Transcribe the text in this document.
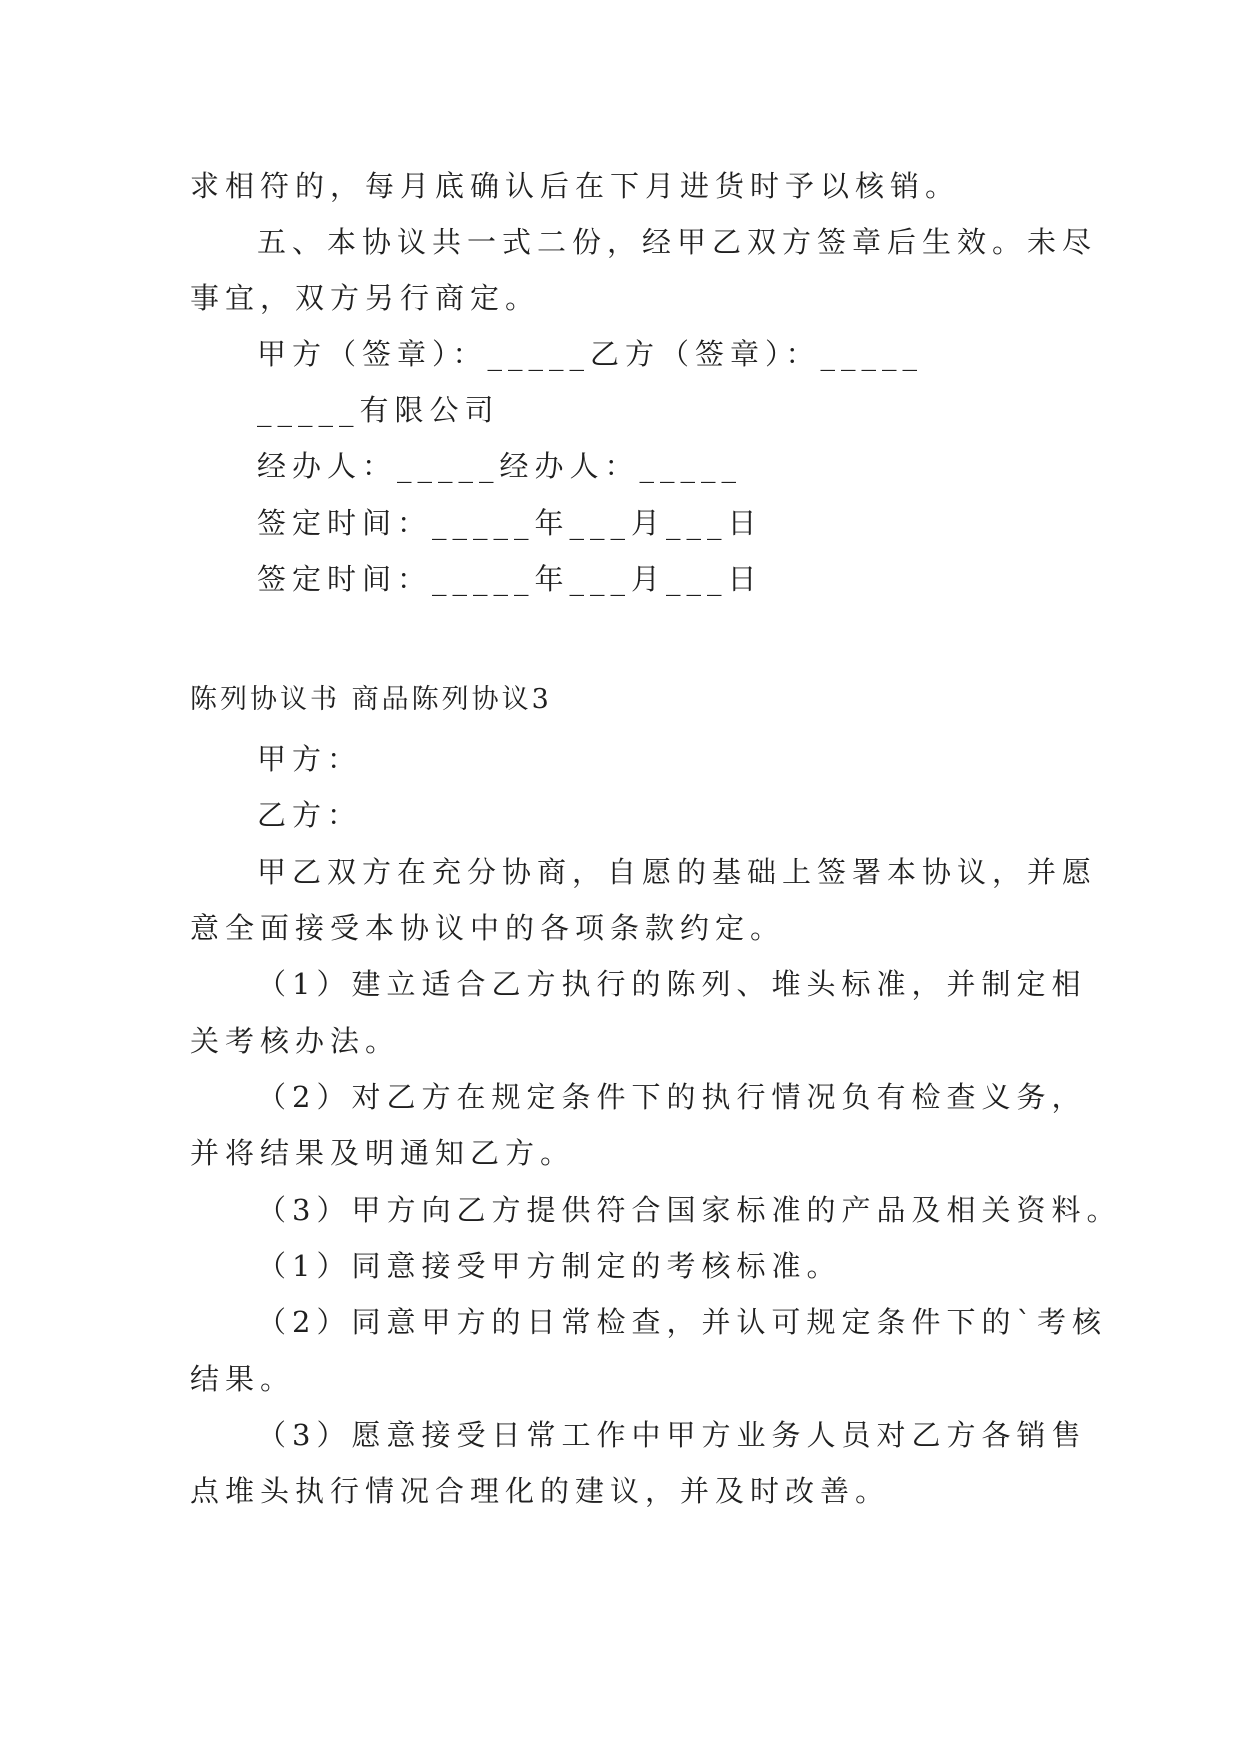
求相符的，每月底确认后在下月进货时予以核销。
五、本协议共一式二份，经甲乙双方签章后生效。未尽
事宜，双方另行商定。
甲方（签章）：_____乙方（签章）：_____
_____有限公司
经办人：_____经办人：_____
签定时间：_____年___月___日
签定时间：_____年___月___日
陈列协议书 商品陈列协议3
甲方：
乙方：
甲乙双方在充分协商，自愿的基础上签署本协议，并愿
意全面接受本协议中的各项条款约定。
（1）建立适合乙方执行的陈列、堆头标准，并制定相
关考核办法。
（2）对乙方在规定条件下的执行情况负有检查义务，
并将结果及明通知乙方。
（3）甲方向乙方提供符合国家标准的产品及相关资料。
（1）同意接受甲方制定的考核标准。
（2）同意甲方的日常检查，并认可规定条件下的`考核
结果。
（3）愿意接受日常工作中甲方业务人员对乙方各销售
点堆头执行情况合理化的建议，并及时改善。
